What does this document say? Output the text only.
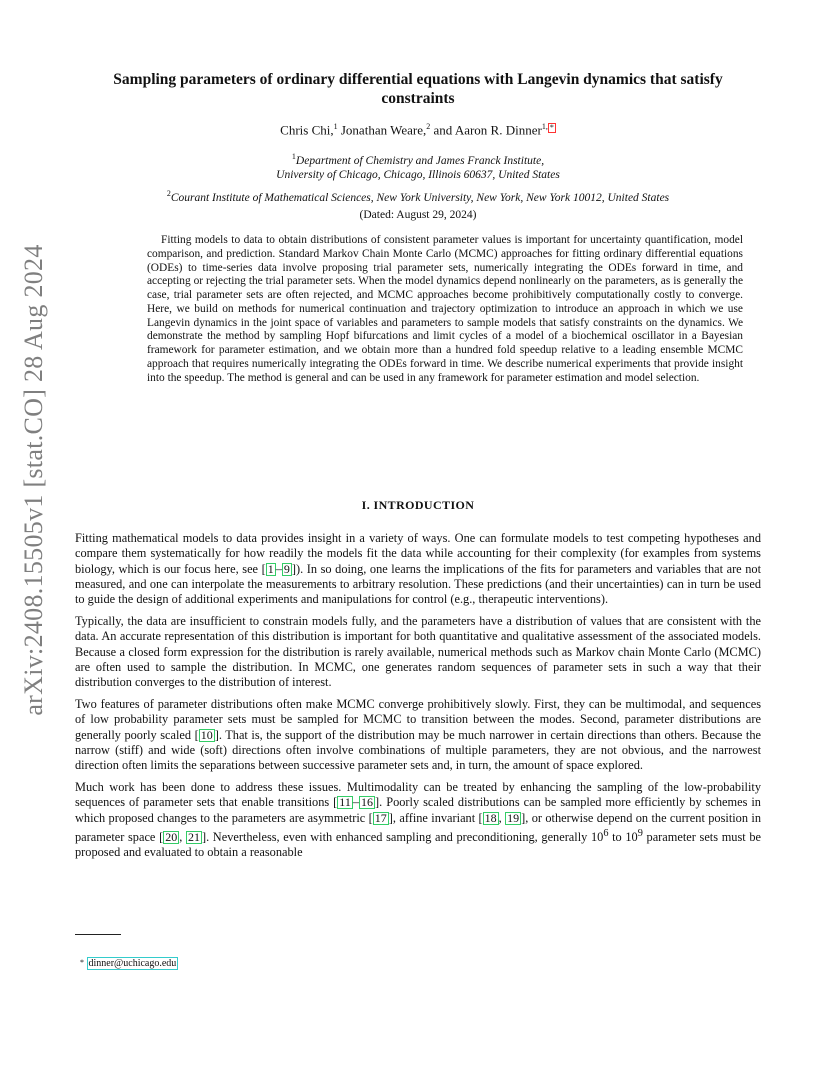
arXiv:2408.15505v1 [stat.CO] 28 Aug 2024
Sampling parameters of ordinary differential equations with Langevin dynamics that satisfy constraints
Chris Chi,$^1$ Jonathan Weare,$^2$ and Aaron R. Dinner$^{1,}$ *
$^1$Department of Chemistry and James Franck Institute,
University of Chicago, Chicago, Illinois 60637, United States
$^2$Courant Institute of Mathematical Sciences, New York University, New York, New York 10012, United States
(Dated: August 29, 2024)

Fitting models to data to obtain distributions of consistent parameter values is important for uncertainty quantification, model comparison, and prediction. Standard Markov Chain Monte Carlo (MCMC) approaches for fitting ordinary differential equations (ODEs) to time-series data involve proposing trial parameter sets, numerically integrating the ODEs forward in time, and accepting or rejecting the trial parameter sets. When the model dynamics depend nonlinearly on the parameters, as is generally the case, trial parameter sets are often rejected, and MCMC approaches become prohibitively computationally costly to converge. Here, we build on methods for numerical continuation and trajectory optimization to introduce an approach in which we use Langevin dynamics in the joint space of variables and parameters to sample models that satisfy constraints on the dynamics. We demonstrate the method by sampling Hopf bifurcations and limit cycles of a model of a biochemical oscillator in a Bayesian framework for parameter estimation, and we obtain more than a hundred fold speedup relative to a leading ensemble MCMC approach that requires numerically integrating the ODEs forward in time. We describe numerical experiments that provide insight into the speedup. The method is general and can be used in any framework for parameter estimation and model selection.

I. INTRODUCTION

Fitting mathematical models to data provides insight in a variety of ways. One can formulate models to test competing hypotheses and compare them systematically for how readily the models fit the data while accounting for their complexity (for examples from systems biology, which is our focus here, see [ 1 – 9 ]). In so doing, one learns the implications of the fits for parameters and variables that are not measured, and one can interpolate the measurements to arbitrary resolution. These predictions (and their uncertainties) can in turn be used to guide the design of additional experiments and manipulations for control (e.g., therapeutic interventions).

Typically, the data are insufficient to constrain models fully, and the parameters have a distribution of values that are consistent with the data. An accurate representation of this distribution is important for both quantitative and qualitative assessment of the associated models. Because a closed form expression for the distribution is rarely available, numerical methods such as Markov chain Monte Carlo (MCMC) are often used to sample the distribution. In MCMC, one generates random sequences of parameter sets in such a way that their distribution converges to the distribution of interest.

Two features of parameter distributions often make MCMC converge prohibitively slowly. First, they can be multimodal, and sequences of low probability parameter sets must be sampled for MCMC to transition between the modes. Second, parameter distributions are generally poorly scaled [ 10 ]. That is, the support of the distribution may be much narrower in certain directions than others. Because the narrow (stiff) and wide (soft) directions often involve combinations of multiple parameters, they are not obvious, and the narrowest direction often limits the separations between successive parameter sets and, in turn, the amount of space explored.

Much work has been done to address these issues. Multimodality can be treated by enhancing the sampling of the low-probability sequences of parameter sets that enable transitions [ 11 – 16 ]. Poorly scaled distributions can be sampled more efficiently by schemes in which proposed changes to the parameters are asymmetric [ 17 ], affine invariant [ 18 , 19 ], or otherwise depend on the current position in parameter space [ 20 , 21 ]. Nevertheless, even with enhanced sampling and preconditioning, generally $10^6$ to $10^9$ parameter sets must be proposed and evaluated to obtain a reasonable

* dinner@uchicago.edu
